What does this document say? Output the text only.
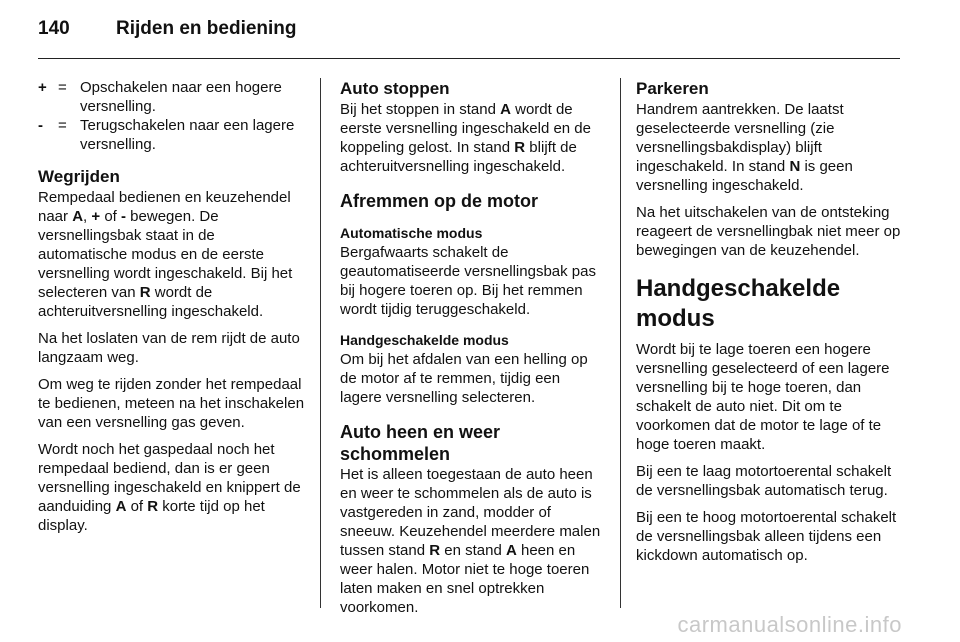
140 Rijden en bediening
+ = Opschakelen naar een hogere versnelling.
-	= Terugschakelen naar een lagere versnelling.
Wegrijden

Rempedaal bedienen en keuzehendel naar A, + of - bewegen. De versnellingsbak staat in de automatische modus en de eerste versnelling wordt ingeschakeld. Bij het selecteren van R wordt de achteruitversnelling ingeschakeld.

Na het loslaten van de rem rijdt de auto langzaam weg.

Om weg te rijden zonder het rempedaal te bedienen, meteen na het inschakelen van een versnelling gas geven.

Wordt noch het gaspedaal noch het rempedaal bediend, dan is er geen versnelling ingeschakeld en knippert de aanduiding A of R korte tijd op het display.

Auto stoppen

Bij het stoppen in stand A wordt de eerste versnelling ingeschakeld en de koppeling gelost. In stand R blijft de achteruitversnelling ingeschakeld.

Afremmen op de motor
Automatische modus

Bergafwaarts schakelt de geautomatiseerde versnellingsbak pas bij hogere toeren op. Bij het remmen wordt tijdig teruggeschakeld.

Handgeschakelde modus

Om bij het afdalen van een helling op de motor af te remmen, tijdig een lagere versnelling selecteren.

Auto heen en weer schommelen

Het is alleen toegestaan de auto heen en weer te schommelen als de auto is vastgereden in zand, modder of sneeuw. Keuzehendel meerdere malen tussen stand R en stand A heen en weer halen. Motor niet te hoge toeren laten maken en snel optrekken voorkomen.

Parkeren

Handrem aantrekken. De laatst geselecteerde versnelling (zie versnellingsbakdisplay) blijft ingeschakeld. In stand N is geen versnelling ingeschakeld.

Na het uitschakelen van de ontsteking reageert de versnellingbak niet meer op bewegingen van de keuzehendel.

Handgeschakelde modus

Wordt bij te lage toeren een hogere versnelling geselecteerd of een lagere versnelling bij te hoge toeren, dan schakelt de auto niet. Dit om te voorkomen dat de motor te lage of te hoge toeren maakt.

Bij een te laag motortoerental schakelt de versnellingsbak automatisch terug.

Bij een te hoog motortoerental schakelt de versnellingsbak alleen tijdens een kickdown automatisch op.

carmanualsonline.info
